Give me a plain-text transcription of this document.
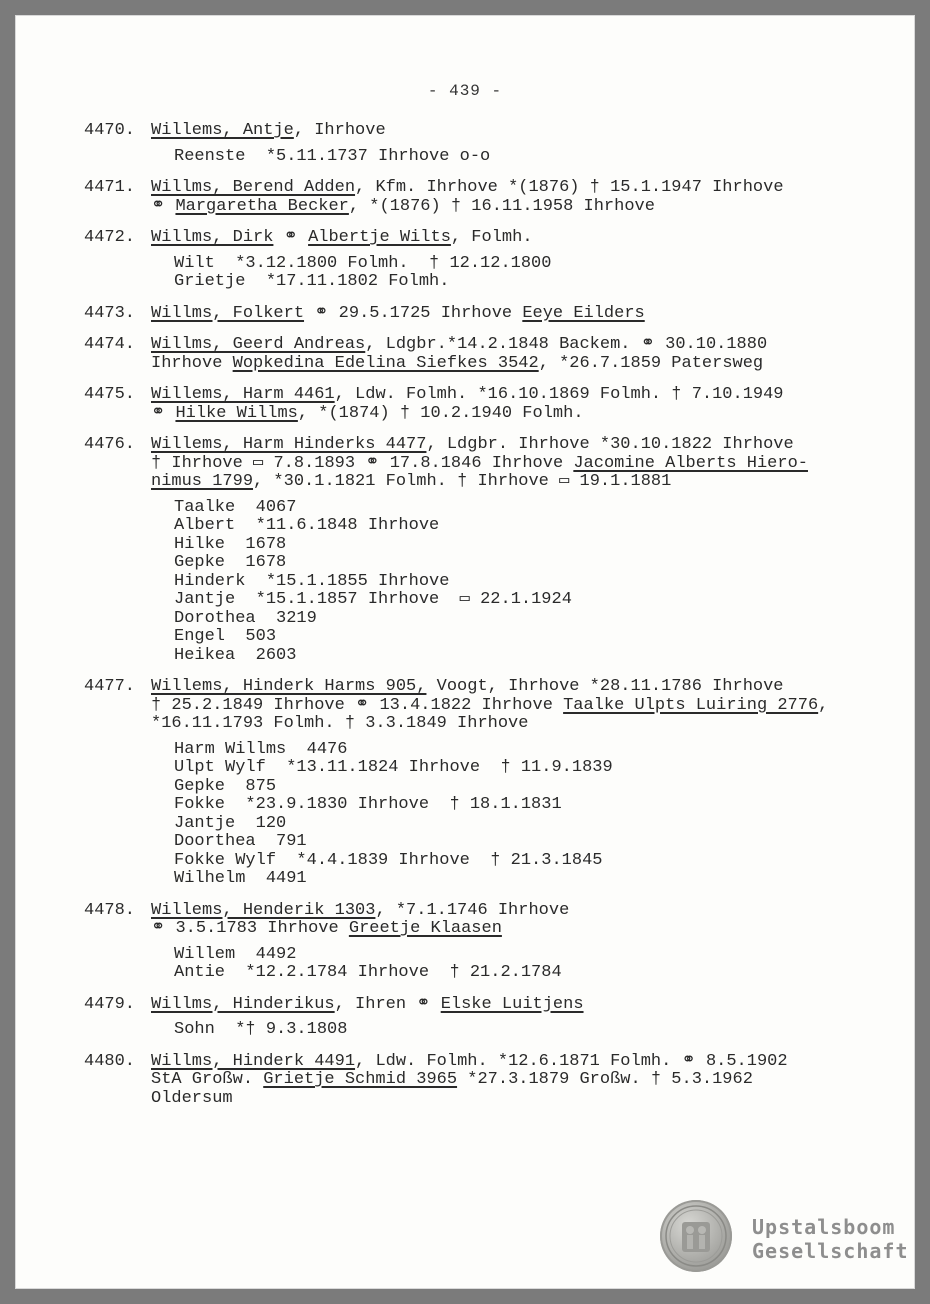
- 439 -
4470. Willems, Antje, Ihrhove
Reenste  *5.11.1737 Ihrhove o-o
4471. Willms, Berend Adden, Kfm. Ihrhove *(1876) † 15.1.1947 Ihrhove
⚭ Margaretha Becker, *(1876) † 16.11.1958 Ihrhove
4472. Willms, Dirk ⚭ Albertje Wilts, Folmh.
Wilt  *3.12.1800 Folmh.  † 12.12.1800
Grietje  *17.11.1802 Folmh.
4473. Willms, Folkert ⚭ 29.5.1725 Ihrhove Eeye Eilders
4474. Willms, Geerd Andreas, Ldgbr.*14.2.1848 Backem. ⚭ 30.10.1880
Ihrhove Wopkedina Edelina Siefkes 3542, *26.7.1859 Patersweg
4475. Willems, Harm 4461, Ldw. Folmh. *16.10.1869 Folmh. † 7.10.1949
⚭ Hilke Willms, *(1874) † 10.2.1940 Folmh.
4476. Willems, Harm Hinderks 4477, Ldgbr. Ihrhove *30.10.1822 Ihrhove
† Ihrhove ▭ 7.8.1893 ⚭ 17.8.1846 Ihrhove Jacomine Alberts Hiero-
nimus 1799, *30.1.1821 Folmh. † Ihrhove ▭ 19.1.1881
Taalke  4067
Albert  *11.6.1848 Ihrhove
Hilke  1678
Gepke  1678
Hinderk  *15.1.1855 Ihrhove
Jantje  *15.1.1857 Ihrhove  ▭ 22.1.1924
Dorothea  3219
Engel  503
Heikea  2603
4477. Willems, Hinderk Harms 905, Voogt, Ihrhove *28.11.1786 Ihrhove
† 25.2.1849 Ihrhove ⚭ 13.4.1822 Ihrhove Taalke Ulpts Luiring 2776,
*16.11.1793 Folmh. † 3.3.1849 Ihrhove
Harm Willms  4476
Ulpt Wylf  *13.11.1824 Ihrhove  † 11.9.1839
Gepke  875
Fokke  *23.9.1830 Ihrhove  † 18.1.1831
Jantje  120
Doorthea  791
Fokke Wylf  *4.4.1839 Ihrhove  † 21.3.1845
Wilhelm  4491
4478. Willems, Henderik 1303, *7.1.1746 Ihrhove
⚭ 3.5.1783 Ihrhove Greetje Klaasen
Willem  4492
Antie  *12.2.1784 Ihrhove  † 21.2.1784
4479. Willms, Hinderikus, Ihren ⚭ Elske Luitjens
Sohn  *† 9.3.1808
4480. Willms, Hinderk 4491, Ldw. Folmh. *12.6.1871 Folmh. ⚭ 8.5.1902
StA Großw. Grietje Schmid 3965 *27.3.1879 Großw. † 5.3.1962
Oldersum
Upstalsboom
Gesellschaft
